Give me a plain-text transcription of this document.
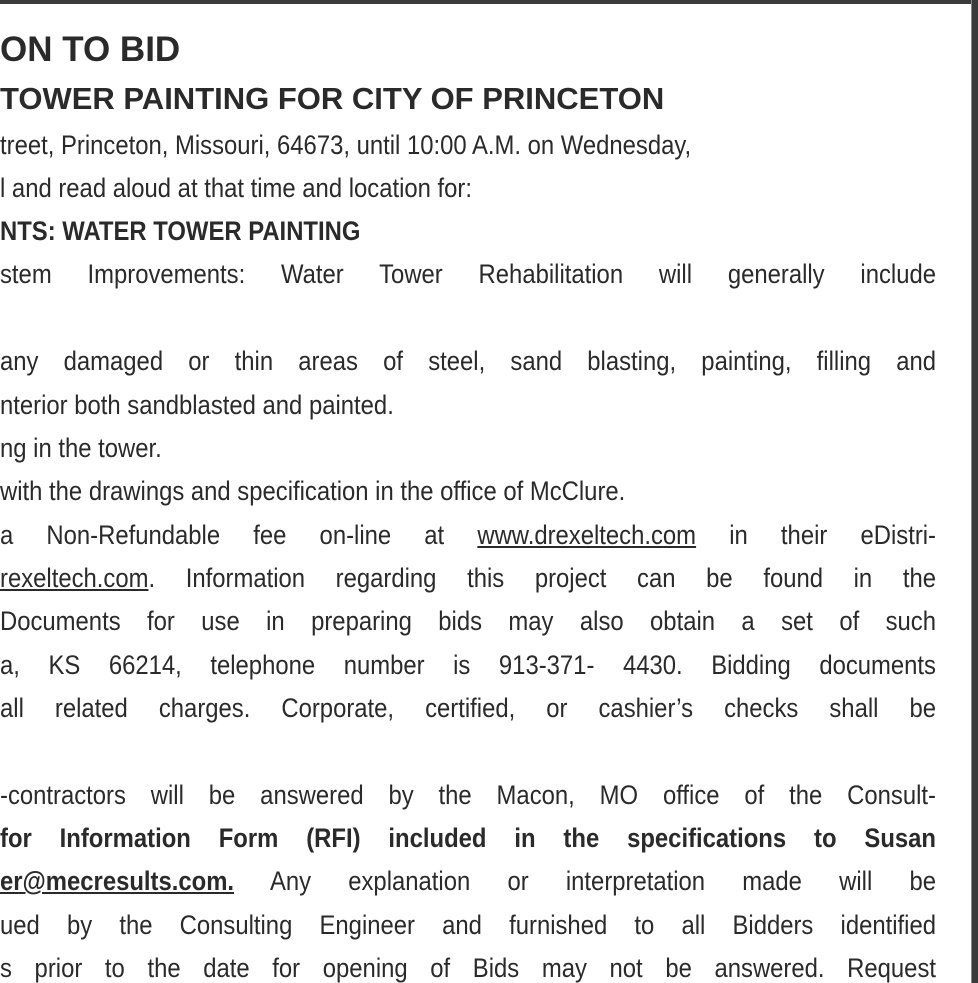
ON TO BID
TOWER PAINTING FOR CITY OF PRINCETON
treet, Princeton, Missouri, 64673, until 10:00 A.M. on Wednesday,
l and read aloud at that time and location for:
NTS: WATER TOWER PAINTING
stem Improvements: Water Tower Rehabilitation will generally include
any damaged or thin areas of steel, sand blasting, painting, filling and
nterior both sandblasted and painted.
ng in the tower.
with the drawings and specification in the office of McClure.
a Non-Refundable fee on-line at www.drexeltech.com in their eDistri-
rexeltech.com. Information regarding this project can be found in the
Documents for use in preparing bids may also obtain a set of such
a, KS 66214, telephone number is 913-371- 4430. Bidding documents
all related charges. Corporate, certified, or cashier’s checks shall be
-contractors will be answered by the Macon, MO office of the Consult-
for Information Form (RFI) included in the specifications to Susan
er@mecresults.com. Any explanation or interpretation made will be
ued by the Consulting Engineer and furnished to all Bidders identified
s prior to the date for opening of Bids may not be answered. Request
